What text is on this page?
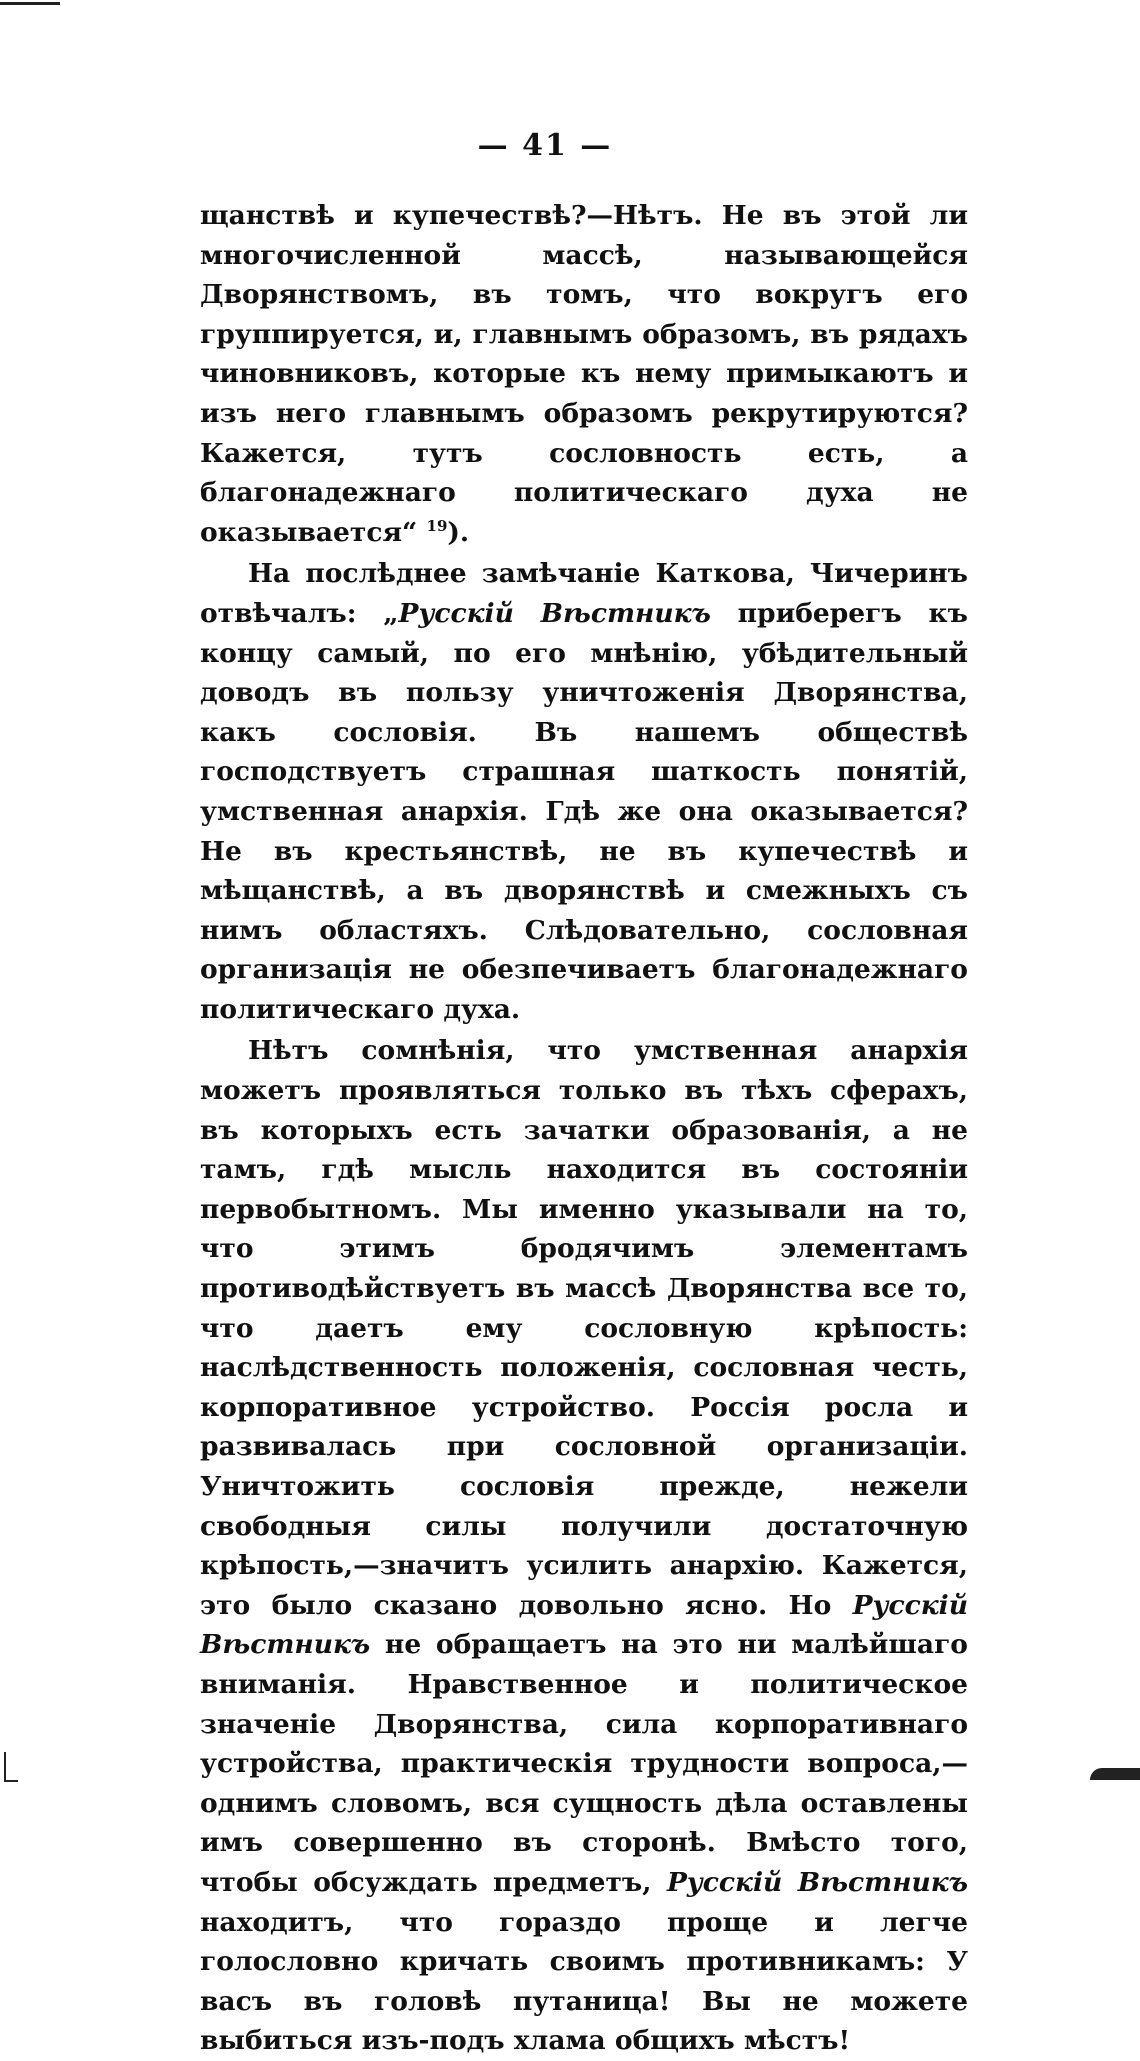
— 41 —

щанствѣ и купечествѣ?—Нѣтъ. Не въ этой ли многочисленной массѣ, называющейся Дворянствомъ, въ томъ, что вокругъ его группируется, и, главнымъ образомъ, въ рядахъ чиновниковъ, которые къ нему примыкаютъ и изъ него главнымъ образомъ рекрутируются? Кажется, тутъ сословность есть, а благонадежнаго политическаго духа не оказывается“ $^{19}$).

На послѣднее замѣчаніе Каткова, Чичеринъ отвѣчалъ: „Русскій Вѣстникъ приберегъ къ концу самый, по его мнѣнію, убѣдительный доводъ въ пользу уничтоженія Дворянства, какъ сословія. Въ нашемъ обществѣ господствуетъ страшная шаткость понятій, умственная анархія. Гдѣ же она оказывается? Не въ крестьянствѣ, не въ купечествѣ и мѣщанствѣ, а въ дворянствѣ и смежныхъ съ нимъ областяхъ. Слѣдовательно, сословная организація не обезпечиваетъ благонадежнаго политическаго духа.

Нѣтъ сомнѣнія, что умственная анархія можетъ проявляться только въ тѣхъ сферахъ, въ которыхъ есть зачатки образованія, а не тамъ, гдѣ мысль находится въ состояніи первобытномъ. Мы именно указывали на то, что этимъ бродячимъ элементамъ противодѣйствуетъ въ массѣ Дворянства все то, что даетъ ему сословную крѣпость: наслѣдственность положенія, сословная честь, корпоративное устройство. Россія росла и развивалась при сословной организаціи. Уничтожить сословія прежде, нежели свободныя силы получили достаточную крѣпость,—значитъ усилить анархію. Кажется, это было сказано довольно ясно. Но Русскій Вѣстникъ не обращаетъ на это ни малѣйшаго вниманія. Нравственное и политическое значеніе Дворянства, сила корпоративнаго устройства, практическія трудности вопроса,—однимъ словомъ, вся сущность дѣла оставлены имъ совершенно въ сторонѣ. Вмѣсто того, чтобы обсуждать предметъ, Русскій Вѣстникъ находитъ, что гораздо проще и легче голословно кричать своимъ противникамъ: У васъ въ головѣ путаница! Вы не можете выбиться изъ-подъ хлама общихъ мѣстъ!
